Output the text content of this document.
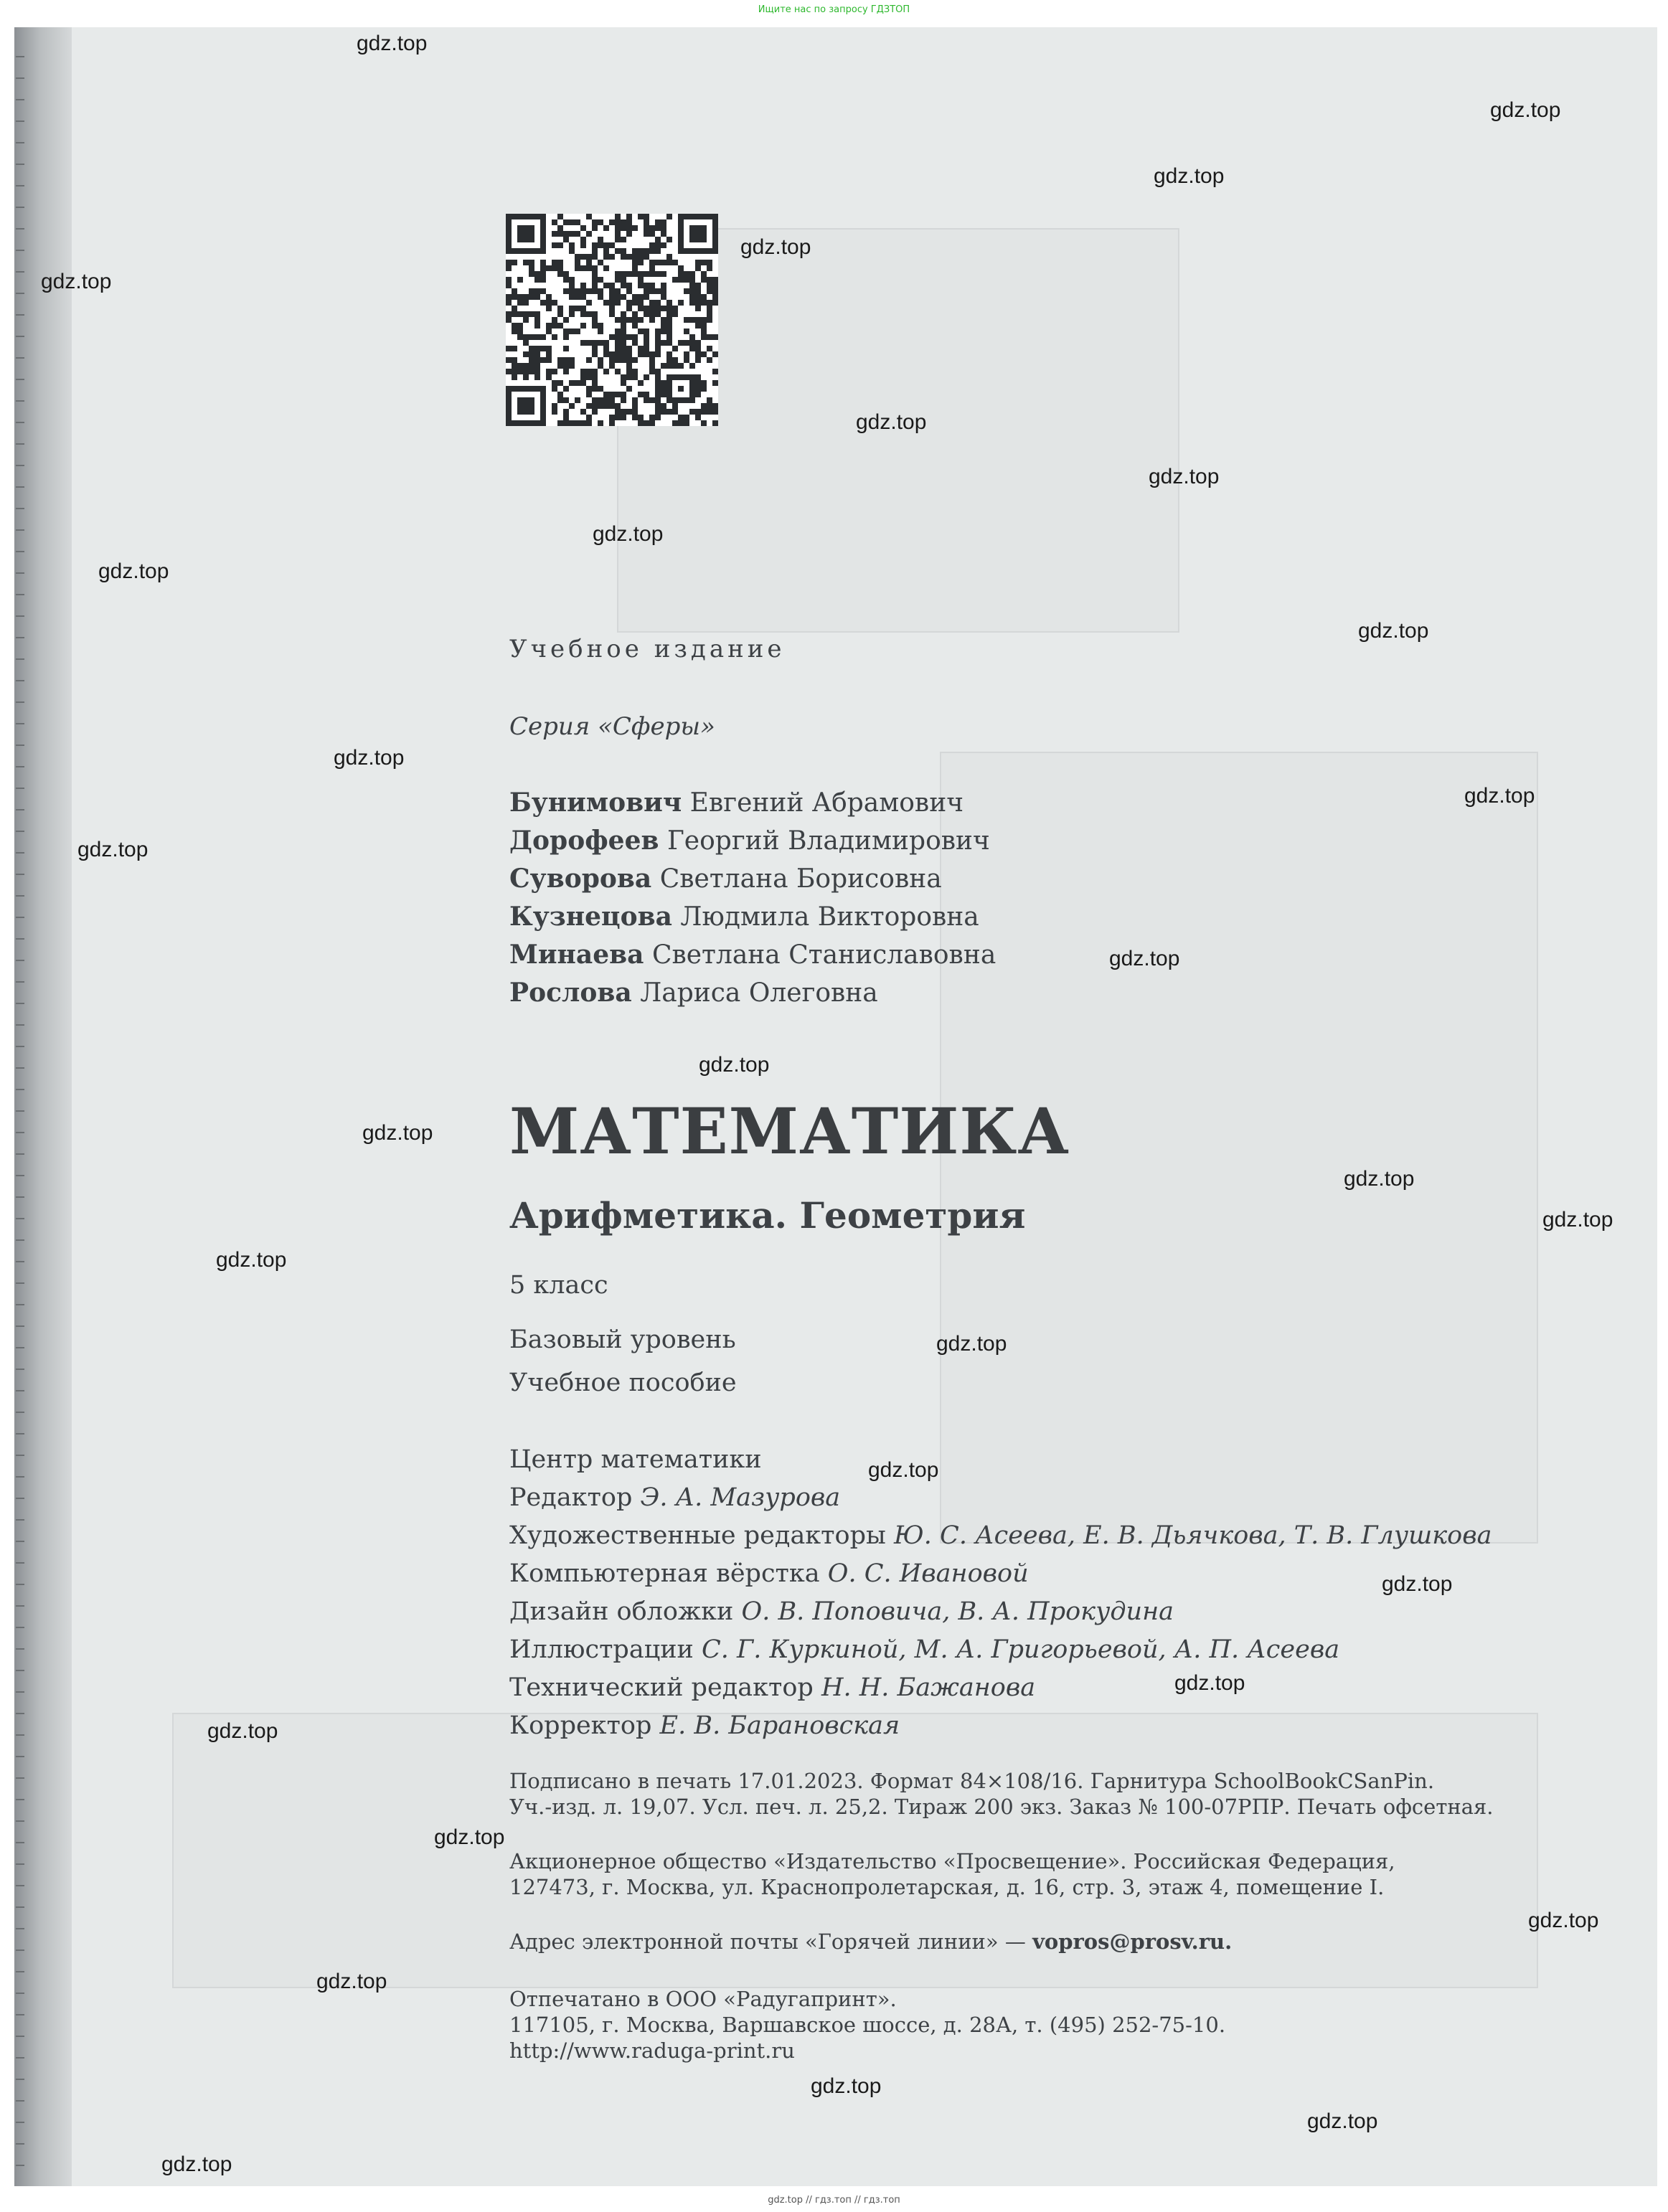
Ищите нас по запросу ГДЗТОП
Учебное издание
Серия «Сферы»
Бунимович Евгений Абрамович
Дорофеев Георгий Владимирович
Суворова Светлана Борисовна
Кузнецова Людмила Викторовна
Минаева Светлана Станиславовна
Рослова Лариса Олеговна
МАТЕМАТИКА
Арифметика. Геометрия
5 класс
Базовый уровень
Учебное пособие
Центр математики
Редактор Э. А. Мазурова
Художественные редакторы Ю. С. Асеева, Е. В. Дьячкова, Т. В. Глушкова
Компьютерная вёрстка О. С. Ивановой
Дизайн обложки О. В. Поповича, В. А. Прокудина
Иллюстрации С. Г. Куркиной, М. А. Григорьевой, А. П. Асеева
Технический редактор Н. Н. Бажанова
Корректор Е. В. Барановская
Подписано в печать 17.01.2023. Формат 84×108/16. Гарнитура SchoolBookCSanPin.
Уч.-изд. л. 19,07. Усл. печ. л. 25,2. Тираж 200 экз. Заказ № 100-07РПР. Печать офсетная.
Акционерное общество «Издательство «Просвещение». Российская Федерация,
127473, г. Москва, ул. Краснопролетарская, д. 16, стр. 3, этаж 4, помещение I.
Адрес электронной почты «Горячей линии» — vopros@prosv.ru.
Отпечатано в ООО «Радугапринт».
117105, г. Москва, Варшавское шоссе, д. 28А, т. (495) 252-75-10.
http://www.raduga-print.ru
gdz.top
gdz.top
gdz.top
gdz.top
gdz.top
gdz.top
gdz.top
gdz.top
gdz.top
gdz.top
gdz.top
gdz.top
gdz.top
gdz.top
gdz.top
gdz.top
gdz.top
gdz.top
gdz.top
gdz.top
gdz.top
gdz.top
gdz.top
gdz.top
gdz.top
gdz.top
gdz.top
gdz.top
gdz.top
gdz.top
gdz.top // гдз.топ // гдз.топ
